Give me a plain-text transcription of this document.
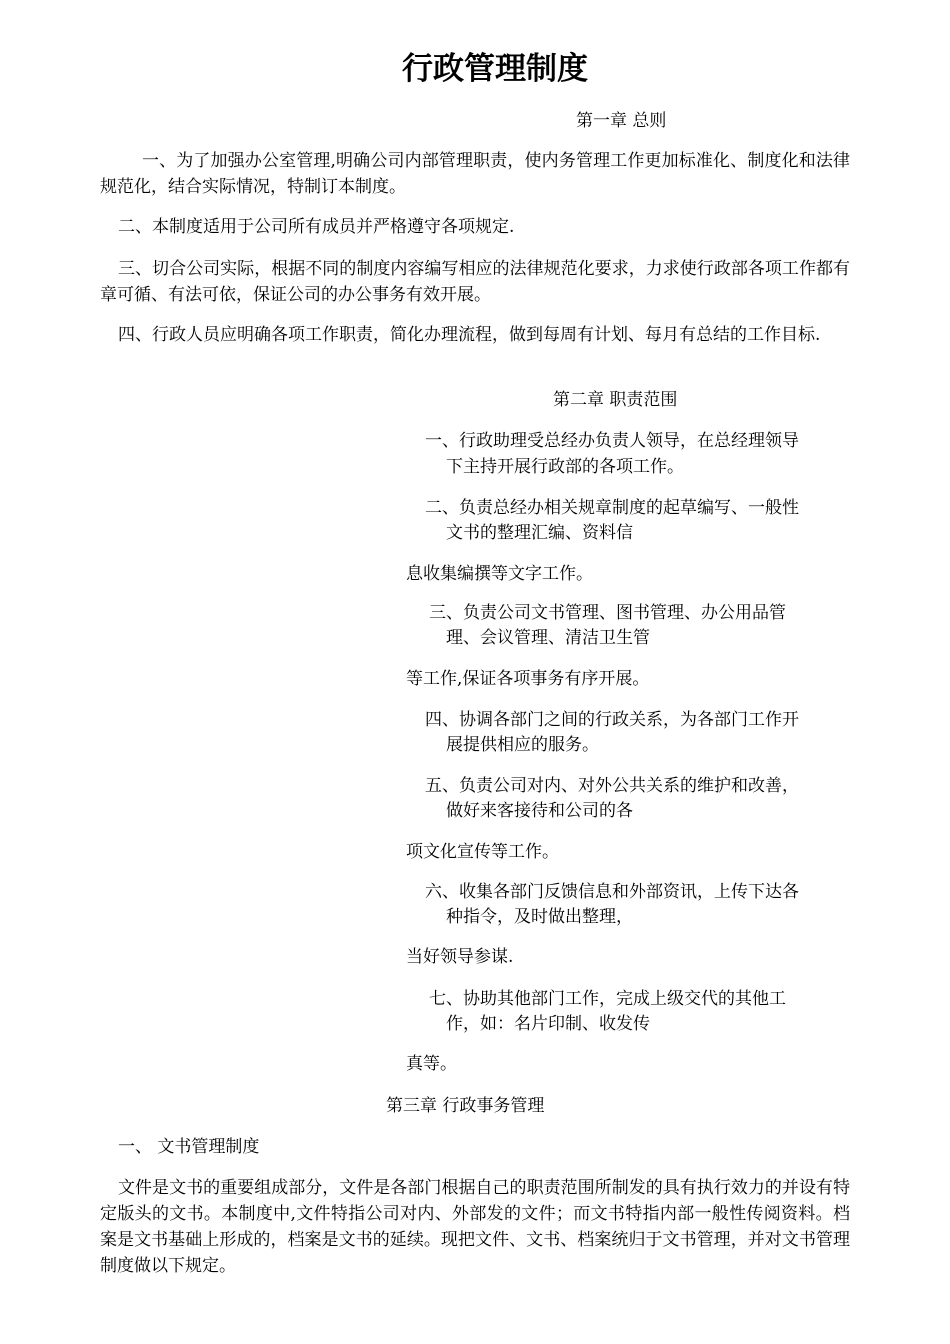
行政管理制度

第一章 总则

一、为了加强办公室管理,明确公司内部管理职责，使内务管理工作更加标准化、制度化和法律规范化，结合实际情况，特制订本制度。

二、本制度适用于公司所有成员并严格遵守各项规定.

三、切合公司实际，根据不同的制度内容编写相应的法律规范化要求，力求使行政部各项工作都有章可循、有法可依，保证公司的办公事务有效开展。

四、行政人员应明确各项工作职责，简化办理流程，做到每周有计划、每月有总结的工作目标.

第二章 职责范围

一、行政助理受总经办负责人领导，在总经理领导

下主持开展行政部的各项工作。

二、负责总经办相关规章制度的起草编写、一般性

文书的整理汇编、资料信

息收集编撰等文字工作。

三、负责公司文书管理、图书管理、办公用品管

理、会议管理、清洁卫生管

等工作,保证各项事务有序开展。

四、协调各部门之间的行政关系，为各部门工作开

展提供相应的服务。

五、负责公司对内、对外公共关系的维护和改善，

做好来客接待和公司的各

项文化宣传等工作。

六、收集各部门反馈信息和外部资讯，上传下达各

种指令，及时做出整理，

当好领导参谋.

七、协助其他部门工作，完成上级交代的其他工

作，如：名片印制、收发传

真等。

第三章 行政事务管理

一、 文书管理制度

文件是文书的重要组成部分，文件是各部门根据自己的职责范围所制发的具有执行效力的并设有特定版头的文书。本制度中,文件特指公司对内、外部发的文件；而文书特指内部一般性传阅资料。档案是文书基础上形成的，档案是文书的延续。现把文件、文书、档案统归于文书管理，并对文书管理制度做以下规定。
